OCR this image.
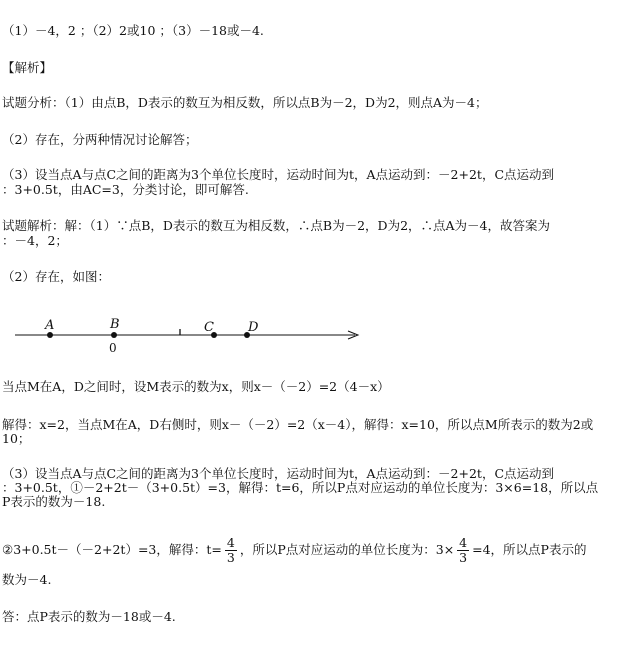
（1）－4，2 ；（2）2或10 ；（3）－18或－4.
【解析】
试题分析：（1）由点B，D表示的数互为相反数，所以点B为－2，D为2，则点A为－4；
（2）存在，分两种情况讨论解答；
（3）设当点A与点C之间的距离为3个单位长度时，运动时间为t，A点运动到：－2+2t，C点运动到
：3+0.5t，由AC=3，分类讨论，即可解答.
试题解析：解：（1）∵点B，D表示的数互为相反数，∴点B为－2，D为2，∴点A为－4，故答案为
：－4，2；
（2）存在，如图：
A	B
0
C	D
当点M在A，D之间时，设M表示的数为x，则x－（－2）=2（4－x）
解得：x=2，当点M在A，D右侧时，则x－（－2）=2（x－4），解得：x=10，所以点M所表示的数为2或
10；
（3）设当点A与点C之间的距离为3个单位长度时，运动时间为t，A点运动到：－2+2t，C点运动到
：3+0.5t，①－2+2t－（3+0.5t）=3，解得：t=6，所以P点对应运动的单位长度为：3×6=18，所以点
P表示的数为－18.
②3+0.5t－（－2+2t）=3，解得：$t= \frac{4}{3}$ ，所以P点对应运动的单位长度为：$3\times \frac{4}{3} =4$，所以点P表示的
数为－4.
答：点P表示的数为－18或－4.
